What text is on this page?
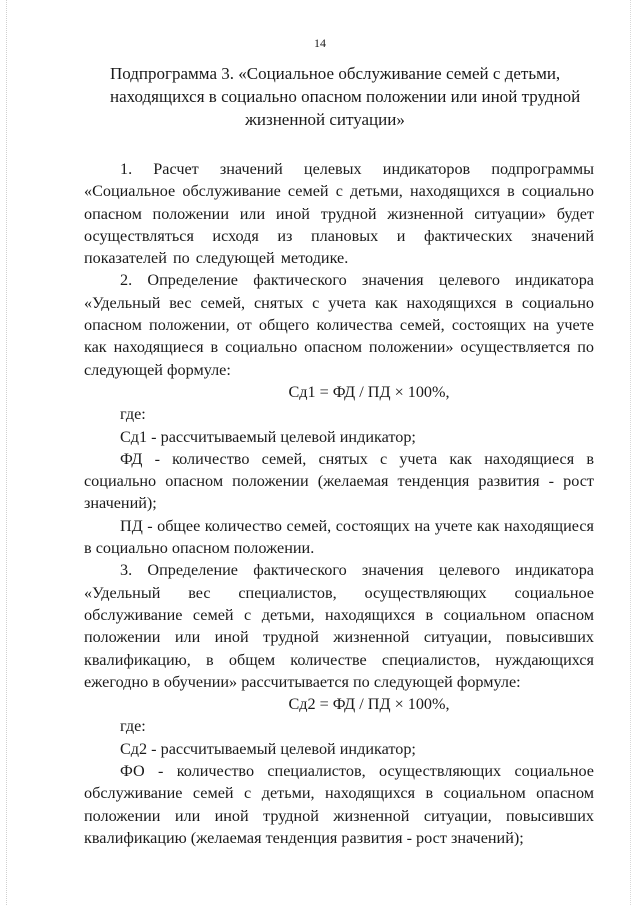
14
Подпрограмма 3. «Социальное обслуживание семей с детьми,
находящихся в социально опасном положении или иной трудной
жизненной ситуации»

1. Расчет значений целевых индикаторов подпрограммы «Социальное обслуживание семей с детьми, находящихся в социально опасном положении или иной трудной жизненной ситуации» будет осуществляться исходя из плановых и фактических значений показателей по следующей методике.

2. Определение фактического значения целевого индикатора «Удельный вес семей, снятых с учета как находящихся в социально опасном положении, от общего количества семей, состоящих на учете как находящиеся в социально опасном положении» осуществляется по следующей формуле:

Сд1 = ФД / ПД × 100%,

где:

Сд1 - рассчитываемый целевой индикатор;

ФД - количество семей, снятых с учета как находящиеся в социально опасном положении (желаемая тенденция развития - рост значений);

ПД - общее количество семей, состоящих на учете как находящиеся в социально опасном положении.

3. Определение фактического значения целевого индикатора «Удельный вес специалистов, осуществляющих социальное обслуживание семей с детьми, находящихся в социальном опасном положении или иной трудной жизненной ситуации, повысивших квалификацию, в общем количестве специалистов, нуждающихся ежегодно в обучении» рассчитывается по следующей формуле:

Сд2 = ФД / ПД × 100%,

где:

Сд2 - рассчитываемый целевой индикатор;

ФО - количество специалистов, осуществляющих социальное обслуживание семей с детьми, находящихся в социальном опасном положении или иной трудной жизненной ситуации, повысивших квалификацию (желаемая тенденция развития - рост значений);
